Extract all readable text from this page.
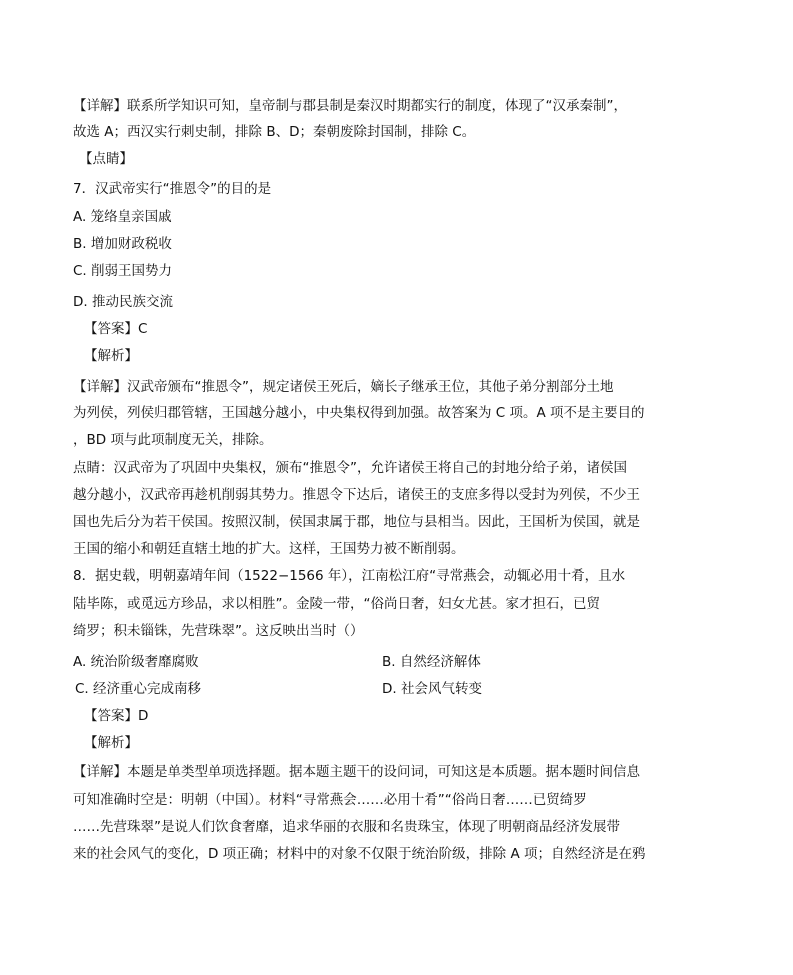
【详解】联系所学知识可知，皇帝制与郡县制是秦汉时期都实行的制度，体现了“汉承秦制”，
故选 A；西汉实行刺史制，排除 B、D；秦朝废除封国制，排除 C。
【点睛】
7．汉武帝实行“推恩令”的目的是
A. 笼络皇亲国戚
B. 增加财政税收
C. 削弱王国势力
D. 推动民族交流
【答案】C
【解析】
【详解】汉武帝颁布“推恩令”，规定诸侯王死后，嫡长子继承王位，其他子弟分割部分土地
为列侯，列侯归郡管辖，王国越分越小，中央集权得到加强。故答案为 C 项。A 项不是主要目的
，BD 项与此项制度无关，排除。
点睛：汉武帝为了巩固中央集权，颁布“推恩令”，允许诸侯王将自己的封地分给子弟，诸侯国
越分越小，汉武帝再趁机削弱其势力。推恩令下达后，诸侯王的支庶多得以受封为列侯，不少王
国也先后分为若干侯国。按照汉制，侯国隶属于郡，地位与县相当。因此，王国析为侯国，就是
王国的缩小和朝廷直辖土地的扩大。这样，王国势力被不断削弱。
8．据史载，明朝嘉靖年间（1522−1566 年），江南松江府“寻常燕会，动辄必用十肴，且水
陆毕陈，或觅远方珍品，求以相胜”。金陵一带，“俗尚日奢，妇女尤甚。家才担石，已贸
绮罗；积未锱铢，先营珠翠”。这反映出当时（）
A. 统治阶级奢靡腐败	B. 自然经济解体
C. 经济重心完成南移	D. 社会风气转变
【答案】D
【解析】
【详解】本题是单类型单项选择题。据本题主题干的设问词，可知这是本质题。据本题时间信息
可知准确时空是：明朝（中国）。材料“寻常燕会……必用十肴”“俗尚日奢……已贸绮罗
……先营珠翠”是说人们饮食奢靡，追求华丽的衣服和名贵珠宝，体现了明朝商品经济发展带
来的社会风气的变化，D 项正确；材料中的对象不仅限于统治阶级，排除 A 项；自然经济是在鸦
